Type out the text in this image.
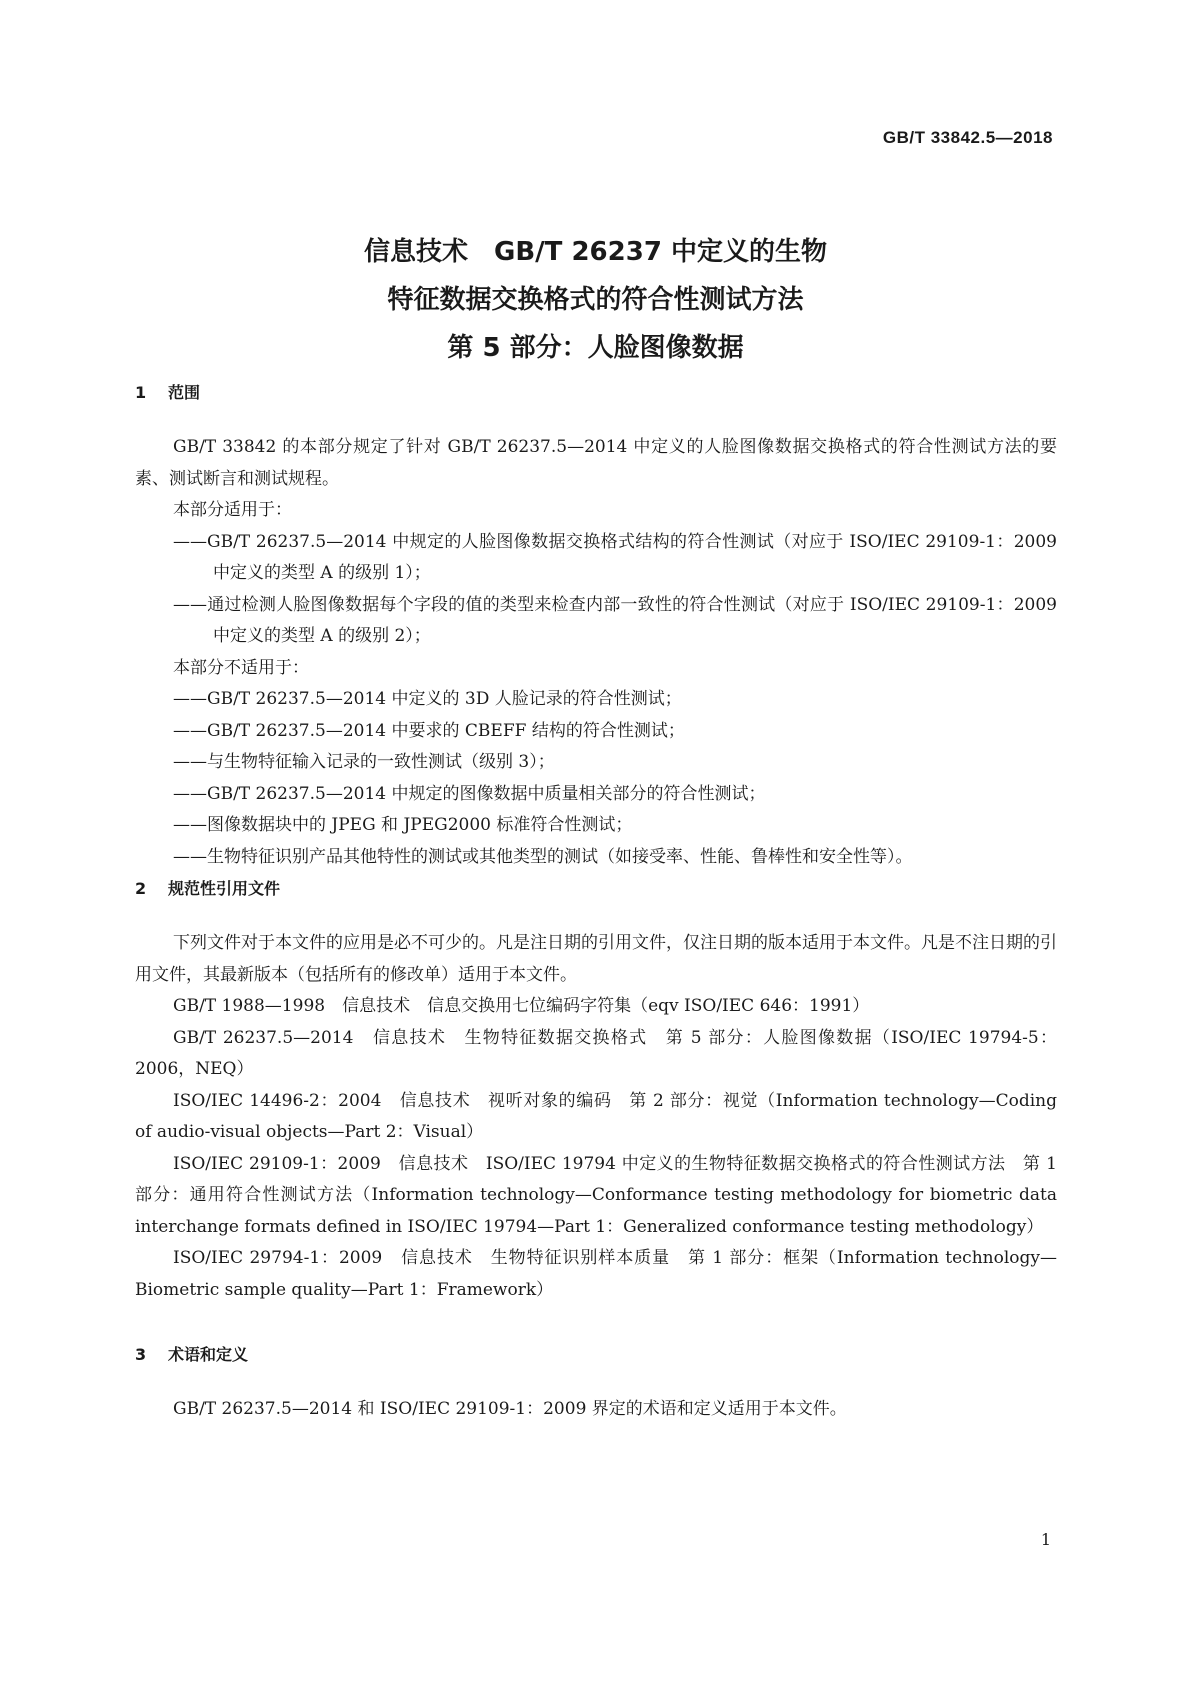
GB/T 33842.5—2018
信息技术　GB/T 26237 中定义的生物
特征数据交换格式的符合性测试方法
第 5 部分：人脸图像数据
1 范围

GB/T 33842 的本部分规定了针对 GB/T 26237.5—2014 中定义的人脸图像数据交换格式的符合性测试方法的要素、测试断言和测试规程。

本部分适用于：

——GB/T 26237.5—2014 中规定的人脸图像数据交换格式结构的符合性测试（对应于 ISO/IEC 29109-1：2009 中定义的类型 A 的级别 1）；

——通过检测人脸图像数据每个字段的值的类型来检查内部一致性的符合性测试（对应于 ISO/IEC 29109-1：2009 中定义的类型 A 的级别 2）；

本部分不适用于：

——GB/T 26237.5—2014 中定义的 3D 人脸记录的符合性测试；

——GB/T 26237.5—2014 中要求的 CBEFF 结构的符合性测试；

——与生物特征输入记录的一致性测试（级别 3）；

——GB/T 26237.5—2014 中规定的图像数据中质量相关部分的符合性测试；

——图像数据块中的 JPEG 和 JPEG2000 标准符合性测试；

——生物特征识别产品其他特性的测试或其他类型的测试（如接受率、性能、鲁棒性和安全性等）。

2 规范性引用文件

下列文件对于本文件的应用是必不可少的。凡是注日期的引用文件，仅注日期的版本适用于本文件。凡是不注日期的引用文件，其最新版本（包括所有的修改单）适用于本文件。

GB/T 1988—1998　信息技术　信息交换用七位编码字符集（eqv ISO/IEC 646：1991）

GB/T 26237.5—2014　信息技术　生物特征数据交换格式　第 5 部分：人脸图像数据（ISO/IEC 19794-5：2006，NEQ）

ISO/IEC 14496-2：2004　信息技术　视听对象的编码　第 2 部分：视觉（Information technology—Coding of audio-visual objects—Part 2：Visual）

ISO/IEC 29109-1：2009　信息技术　ISO/IEC 19794 中定义的生物特征数据交换格式的符合性测试方法　第 1 部分：通用符合性测试方法（Information technology—Conformance testing methodology for biometric data interchange formats defined in ISO/IEC 19794—Part 1：Generalized conformance testing methodology）

ISO/IEC 29794-1：2009　信息技术　生物特征识别样本质量　第 1 部分：框架（Information technology—Biometric sample quality—Part 1：Framework）

3 术语和定义

GB/T 26237.5—2014 和 ISO/IEC 29109-1：2009 界定的术语和定义适用于本文件。

1
